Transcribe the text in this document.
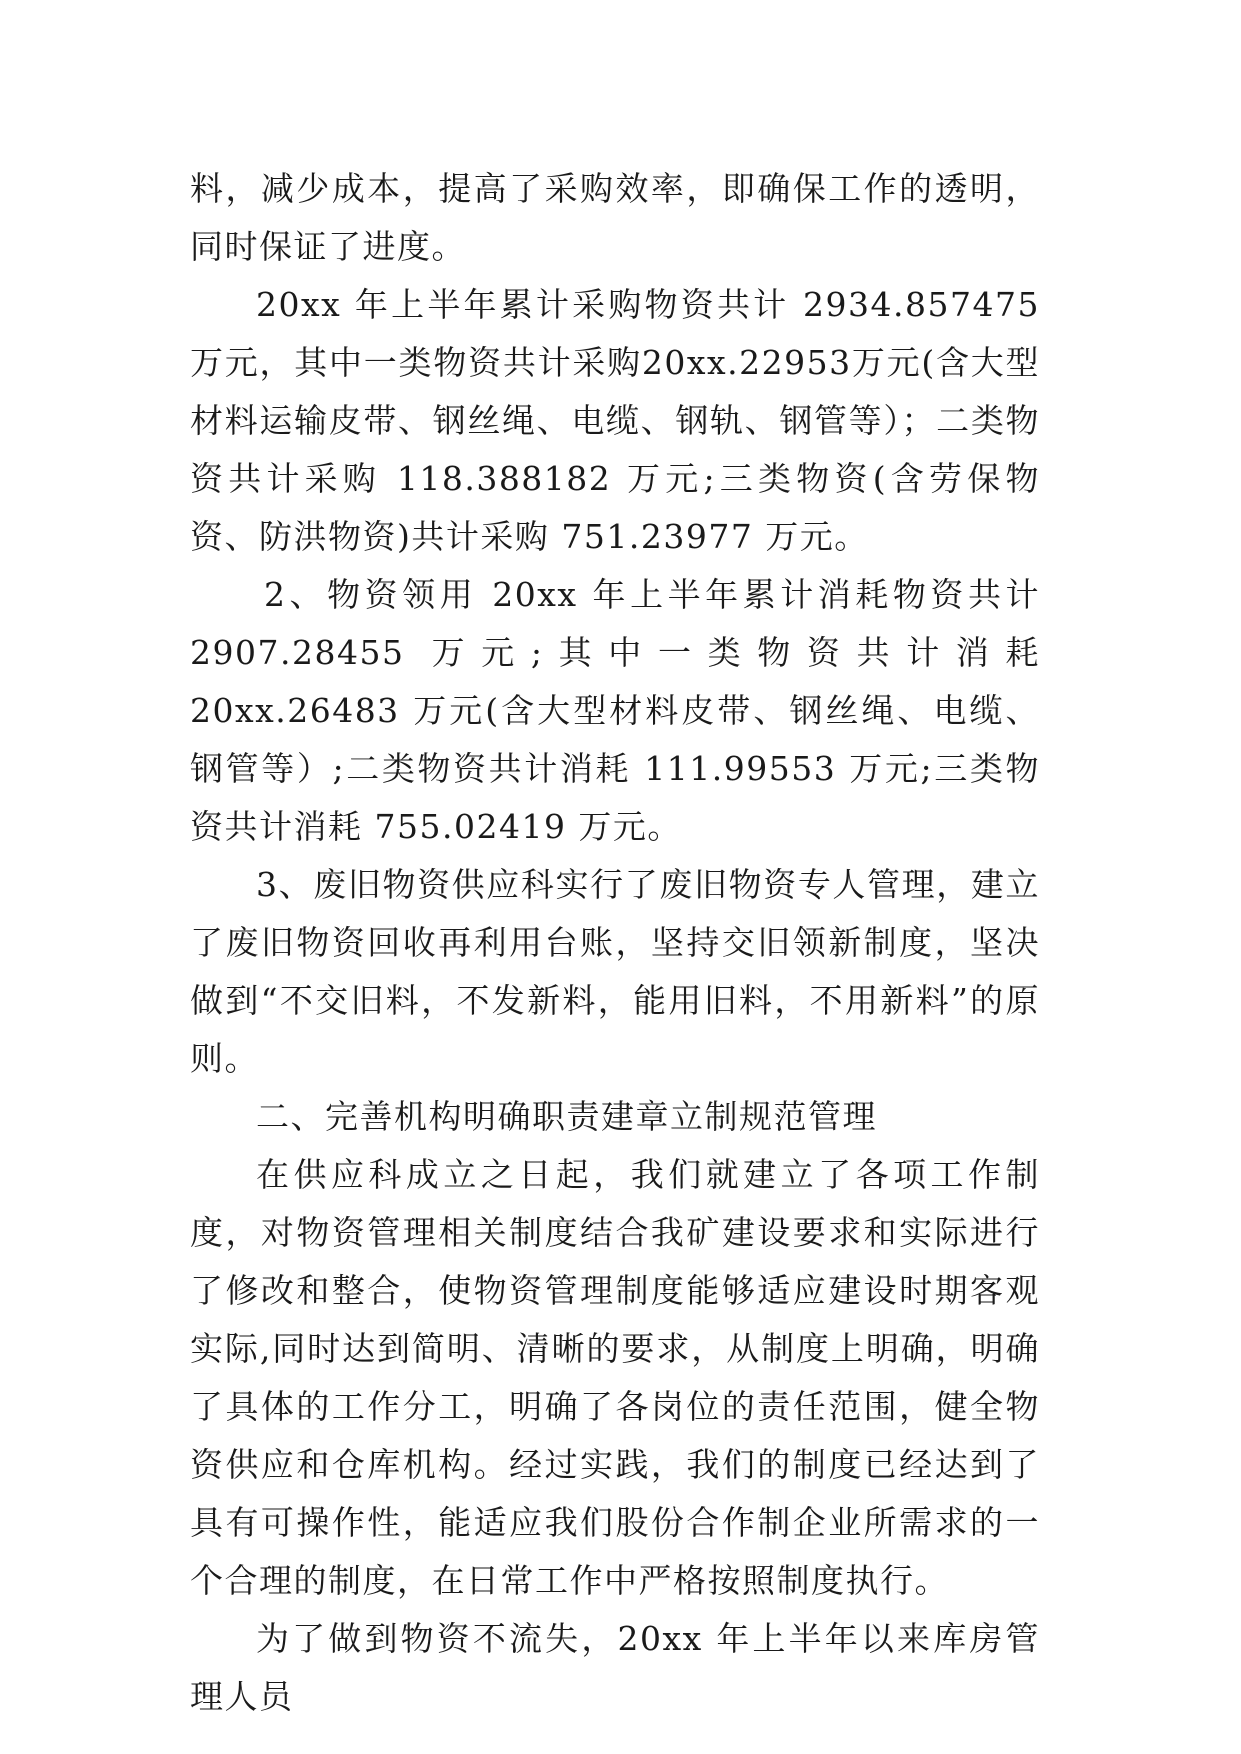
料，减少成本，提高了采购效率，即确保工作的透明，同时保证了进度。

20xx 年上半年累计采购物资共计 2934.857475 万元，其中一类物资共计采购20xx.22953万元(含大型材料运输皮带、钢丝绳、电缆、钢轨、钢管等）；二类物资共计采购 118.388182 万元;三类物资(含劳保物资、防洪物资)共计采购 751.23977 万元。

2、物资领用 20xx 年上半年累计消耗物资共计 2907.28455 万元;其中一类物资共计消耗 20xx.26483 万元(含大型材料皮带、钢丝绳、电缆、钢管等）;二类物资共计消耗 111.99553 万元;三类物资共计消耗 755.02419 万元。

3、废旧物资供应科实行了废旧物资专人管理，建立了废旧物资回收再利用台账，坚持交旧领新制度，坚决做到“不交旧料，不发新料，能用旧料，不用新料”的原则。

二、完善机构明确职责建章立制规范管理

在供应科成立之日起，我们就建立了各项工作制度，对物资管理相关制度结合我矿建设要求和实际进行了修改和整合，使物资管理制度能够适应建设时期客观实际,同时达到简明、清晰的要求，从制度上明确，明确了具体的工作分工，明确了各岗位的责任范围，健全物资供应和仓库机构。经过实践，我们的制度已经达到了具有可操作性，能适应我们股份合作制企业所需求的一个合理的制度，在日常工作中严格按照制度执行。

为了做到物资不流失，20xx 年上半年以来库房管理人员
